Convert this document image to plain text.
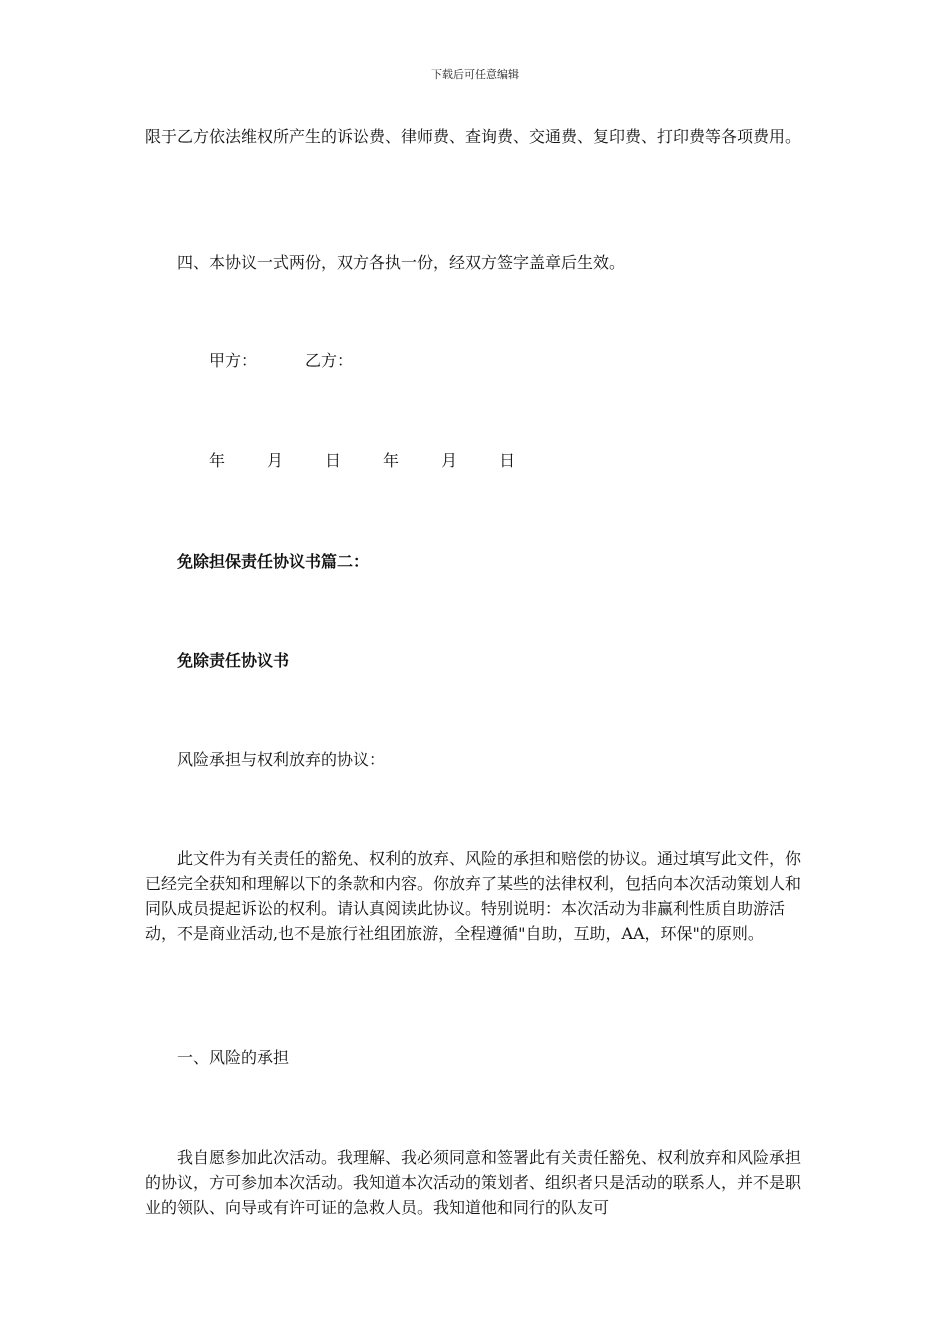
下载后可任意编辑

限于乙方依法维权所产生的诉讼费、律师费、查询费、交通费、复印费、打印费等各项费用。

四、本协议一式两份，双方各执一份，经双方签字盖章后生效。

甲方：	乙方：
年	月	日	年	月	日
免除担保责任协议书篇二：
免除责任协议书

风险承担与权利放弃的协议：

此文件为有关责任的豁免、权利的放弃、风险的承担和赔偿的协议。通过填写此文件，你已经完全获知和理解以下的条款和内容。你放弃了某些的法律权利，包括向本次活动策划人和同队成员提起诉讼的权利。请认真阅读此协议。特别说明：本次活动为非赢利性质自助游活动，不是商业活动,也不是旅行社组团旅游，全程遵循"自助，互助，AA，环保"的原则。

一、风险的承担

我自愿参加此次活动。我理解、我必须同意和签署此有关责任豁免、权利放弃和风险承担的协议，方可参加本次活动。我知道本次活动的策划者、组织者只是活动的联系人，并不是职业的领队、向导或有许可证的急救人员。我知道他和同行的队友可
